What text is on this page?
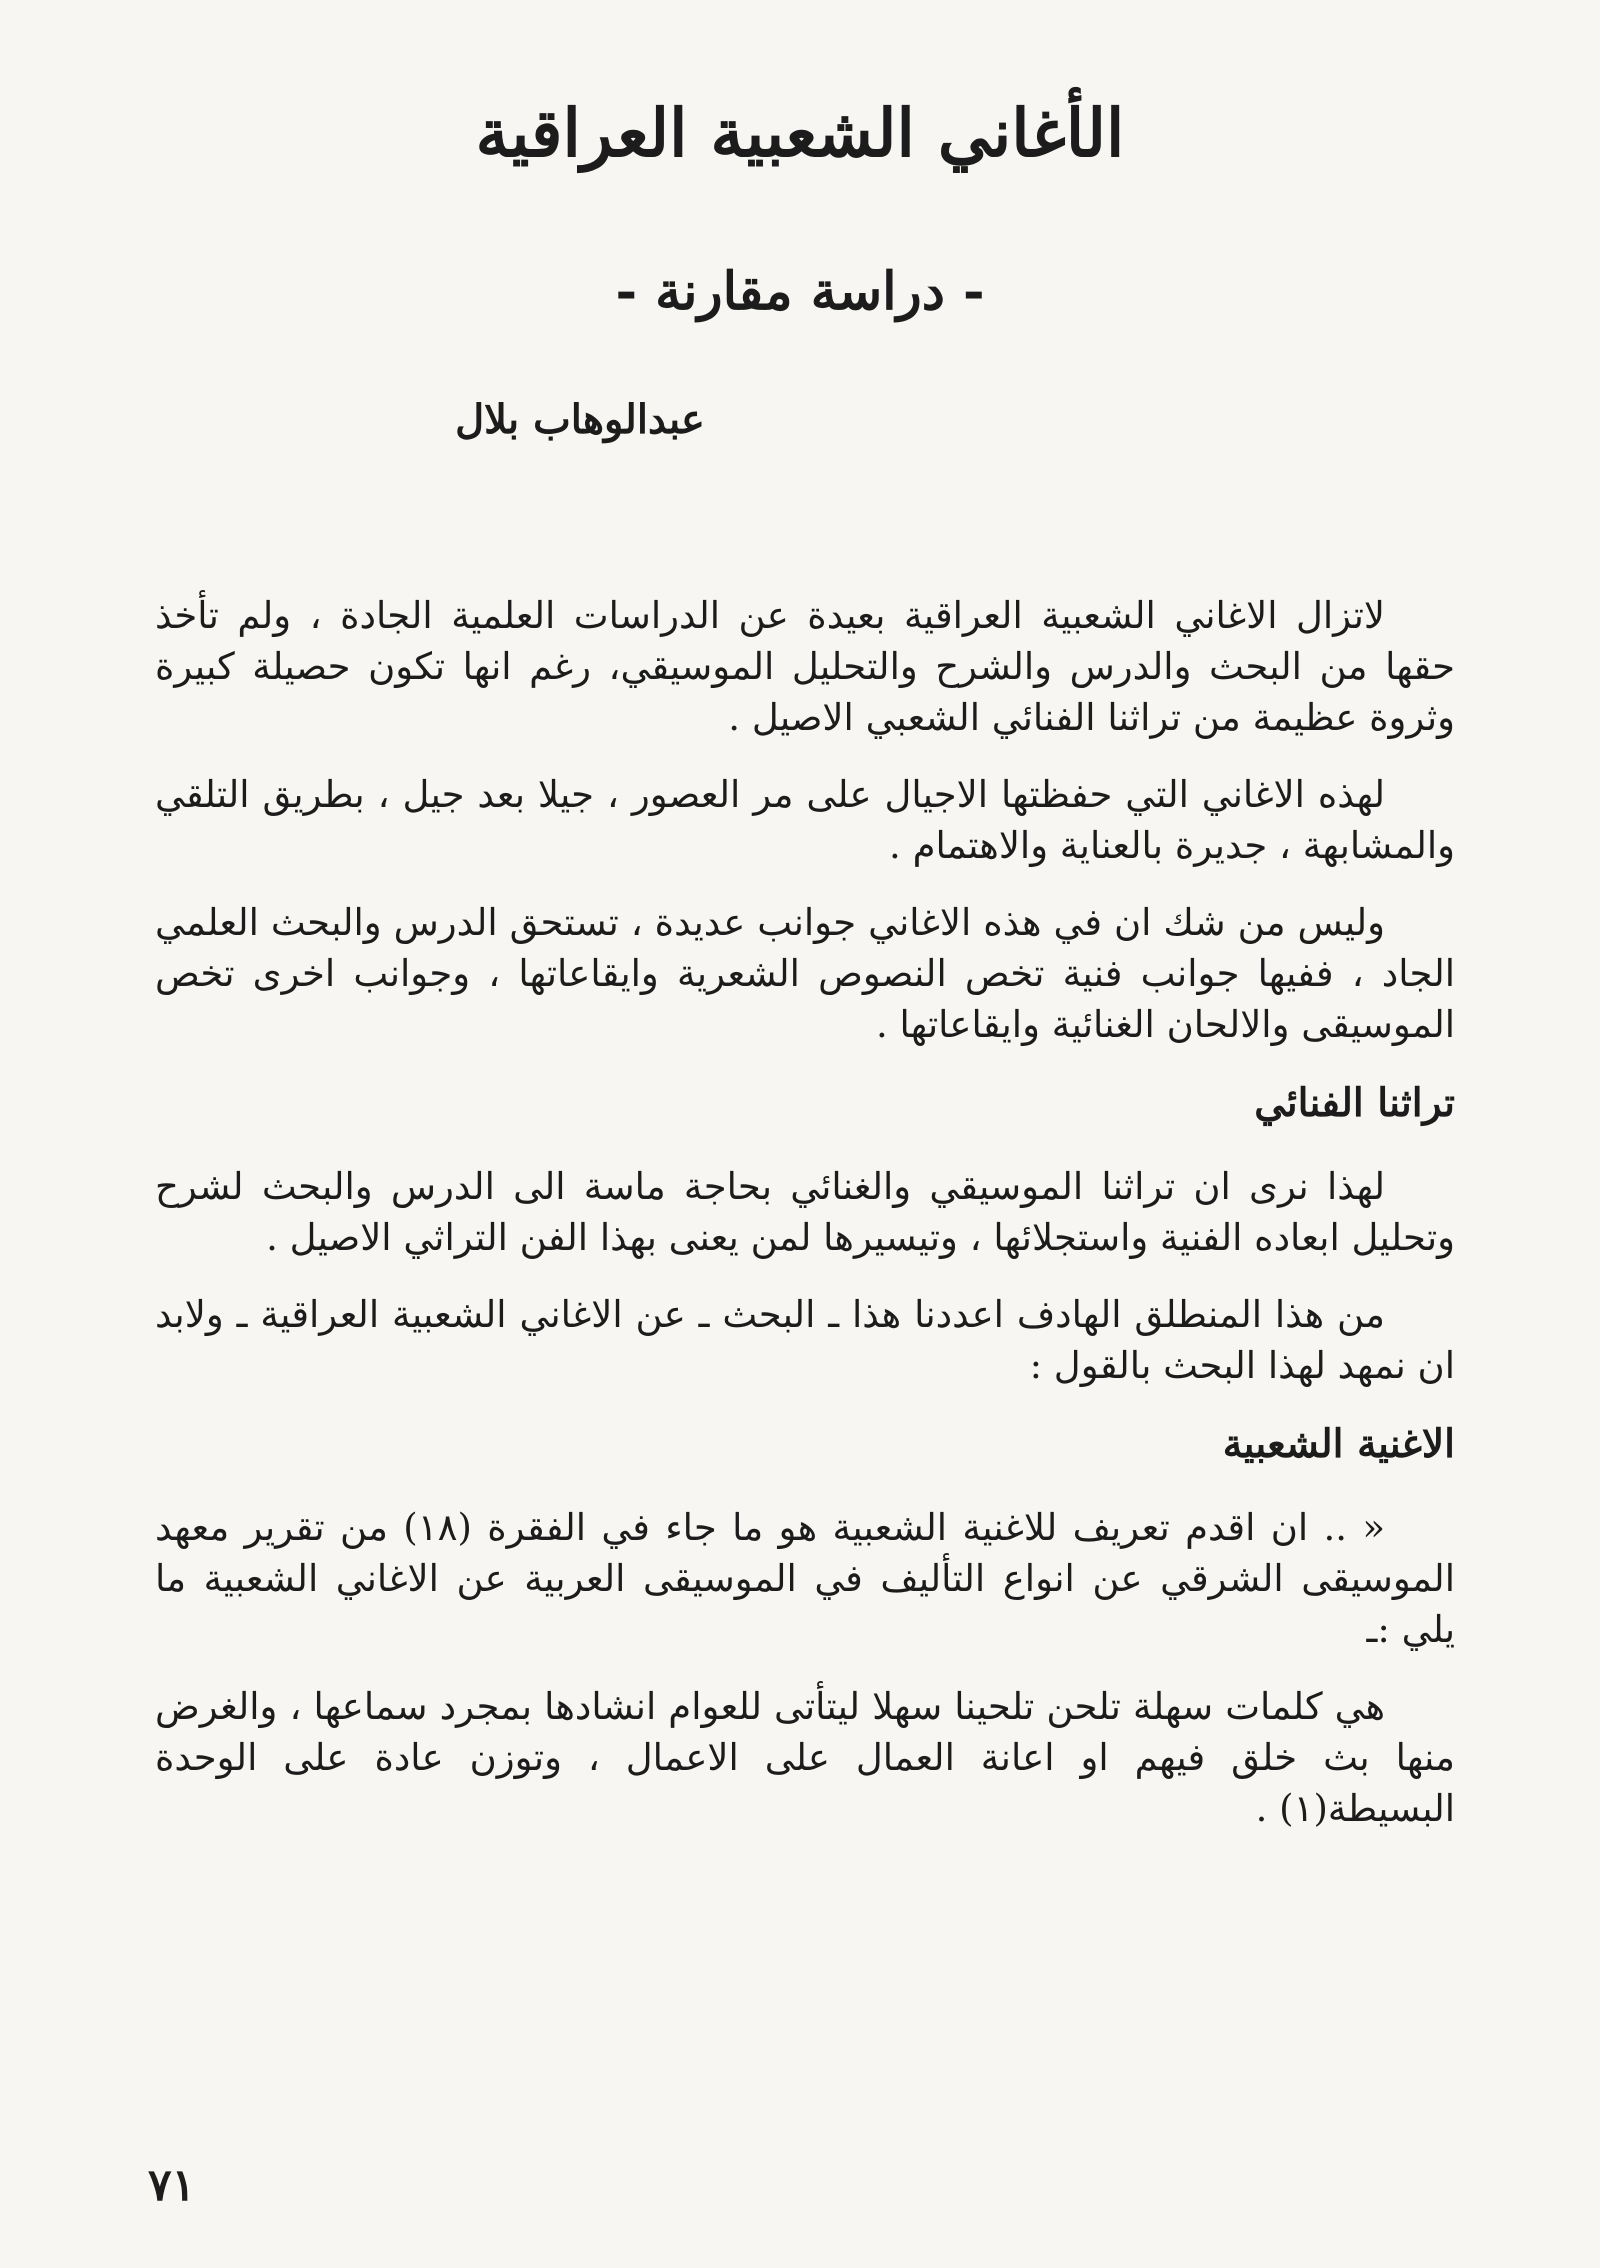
الأغاني الشعبية العراقية
- دراسة مقارنة -
عبدالوهاب بلال

لاتزال الاغاني الشعبية العراقية بعيدة عن الدراسات العلمية الجادة ، ولم تأخذ حقها من البحث والدرس والشرح والتحليل الموسيقي، رغم انها تكون حصيلة كبيرة وثروة عظيمة من تراثنا الفنائي الشعبي الاصيل .

لهذه الاغاني التي حفظتها الاجيال على مر العصور ، جيلا بعد جيل ، بطريق التلقي والمشابهة ، جديرة بالعناية والاهتمام .

وليس من شك ان في هذه الاغاني جوانب عديدة ، تستحق الدرس والبحث العلمي الجاد ، ففيها جوانب فنية تخص النصوص الشعرية وايقاعاتها ، وجوانب اخرى تخص الموسيقى والالحان الغنائية وايقاعاتها .

تراثنا الفنائي

لهذا نرى ان تراثنا الموسيقي والغنائي بحاجة ماسة الى الدرس والبحث لشرح وتحليل ابعاده الفنية واستجلائها ، وتيسيرها لمن يعنى بهذا الفن التراثي الاصيل .

من هذا المنطلق الهادف اعددنا هذا ـ البحث ـ عن الاغاني الشعبية العراقية ـ ولابد ان نمهد لهذا البحث بالقول :

الاغنية الشعبية

« .. ان اقدم تعريف للاغنية الشعبية هو ما جاء في الفقرة (١٨) من تقرير معهد الموسيقى الشرقي عن انواع التأليف في الموسيقى العربية عن الاغاني الشعبية ما يلي :ـ

هي كلمات سهلة تلحن تلحينا سهلا ليتأتى للعوام انشادها بمجرد سماعها ، والغرض منها بث خلق فيهم او اعانة العمال على الاعمال ، وتوزن عادة على الوحدة البسيطة(١) .

٧١
